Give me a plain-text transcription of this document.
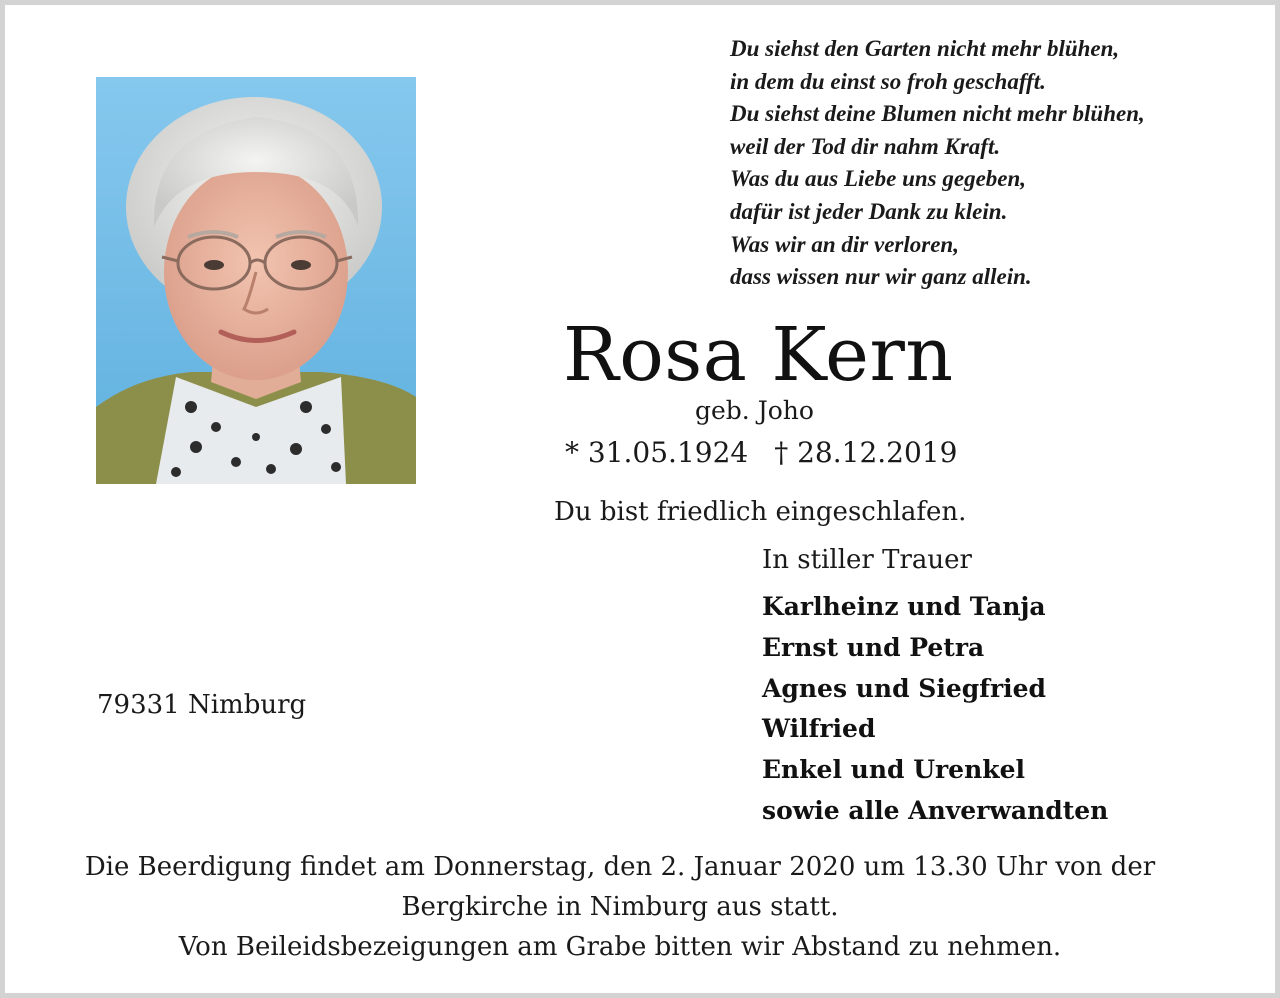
Du siehst den Garten nicht mehr blühen,
in dem du einst so froh geschafft.
Du siehst deine Blumen nicht mehr blühen,
weil der Tod dir nahm Kraft.
Was du aus Liebe uns gegeben,
dafür ist jeder Dank zu klein.
Was wir an dir verloren,
dass wissen nur wir ganz allein.
Rosa Kern
geb. Joho
* 31.05.1924 † 28.12.2019
Du bist friedlich eingeschlafen.
In stiller Trauer
Karlheinz und Tanja
Ernst und Petra
Agnes und Siegfried
Wilfried
Enkel und Urenkel
sowie alle Anverwandten
79331 Nimburg
Die Beerdigung findet am Donnerstag, den 2. Januar 2020 um 13.30 Uhr von der
Bergkirche in Nimburg aus statt.
Von Beileidsbezeigungen am Grabe bitten wir Abstand zu nehmen.
